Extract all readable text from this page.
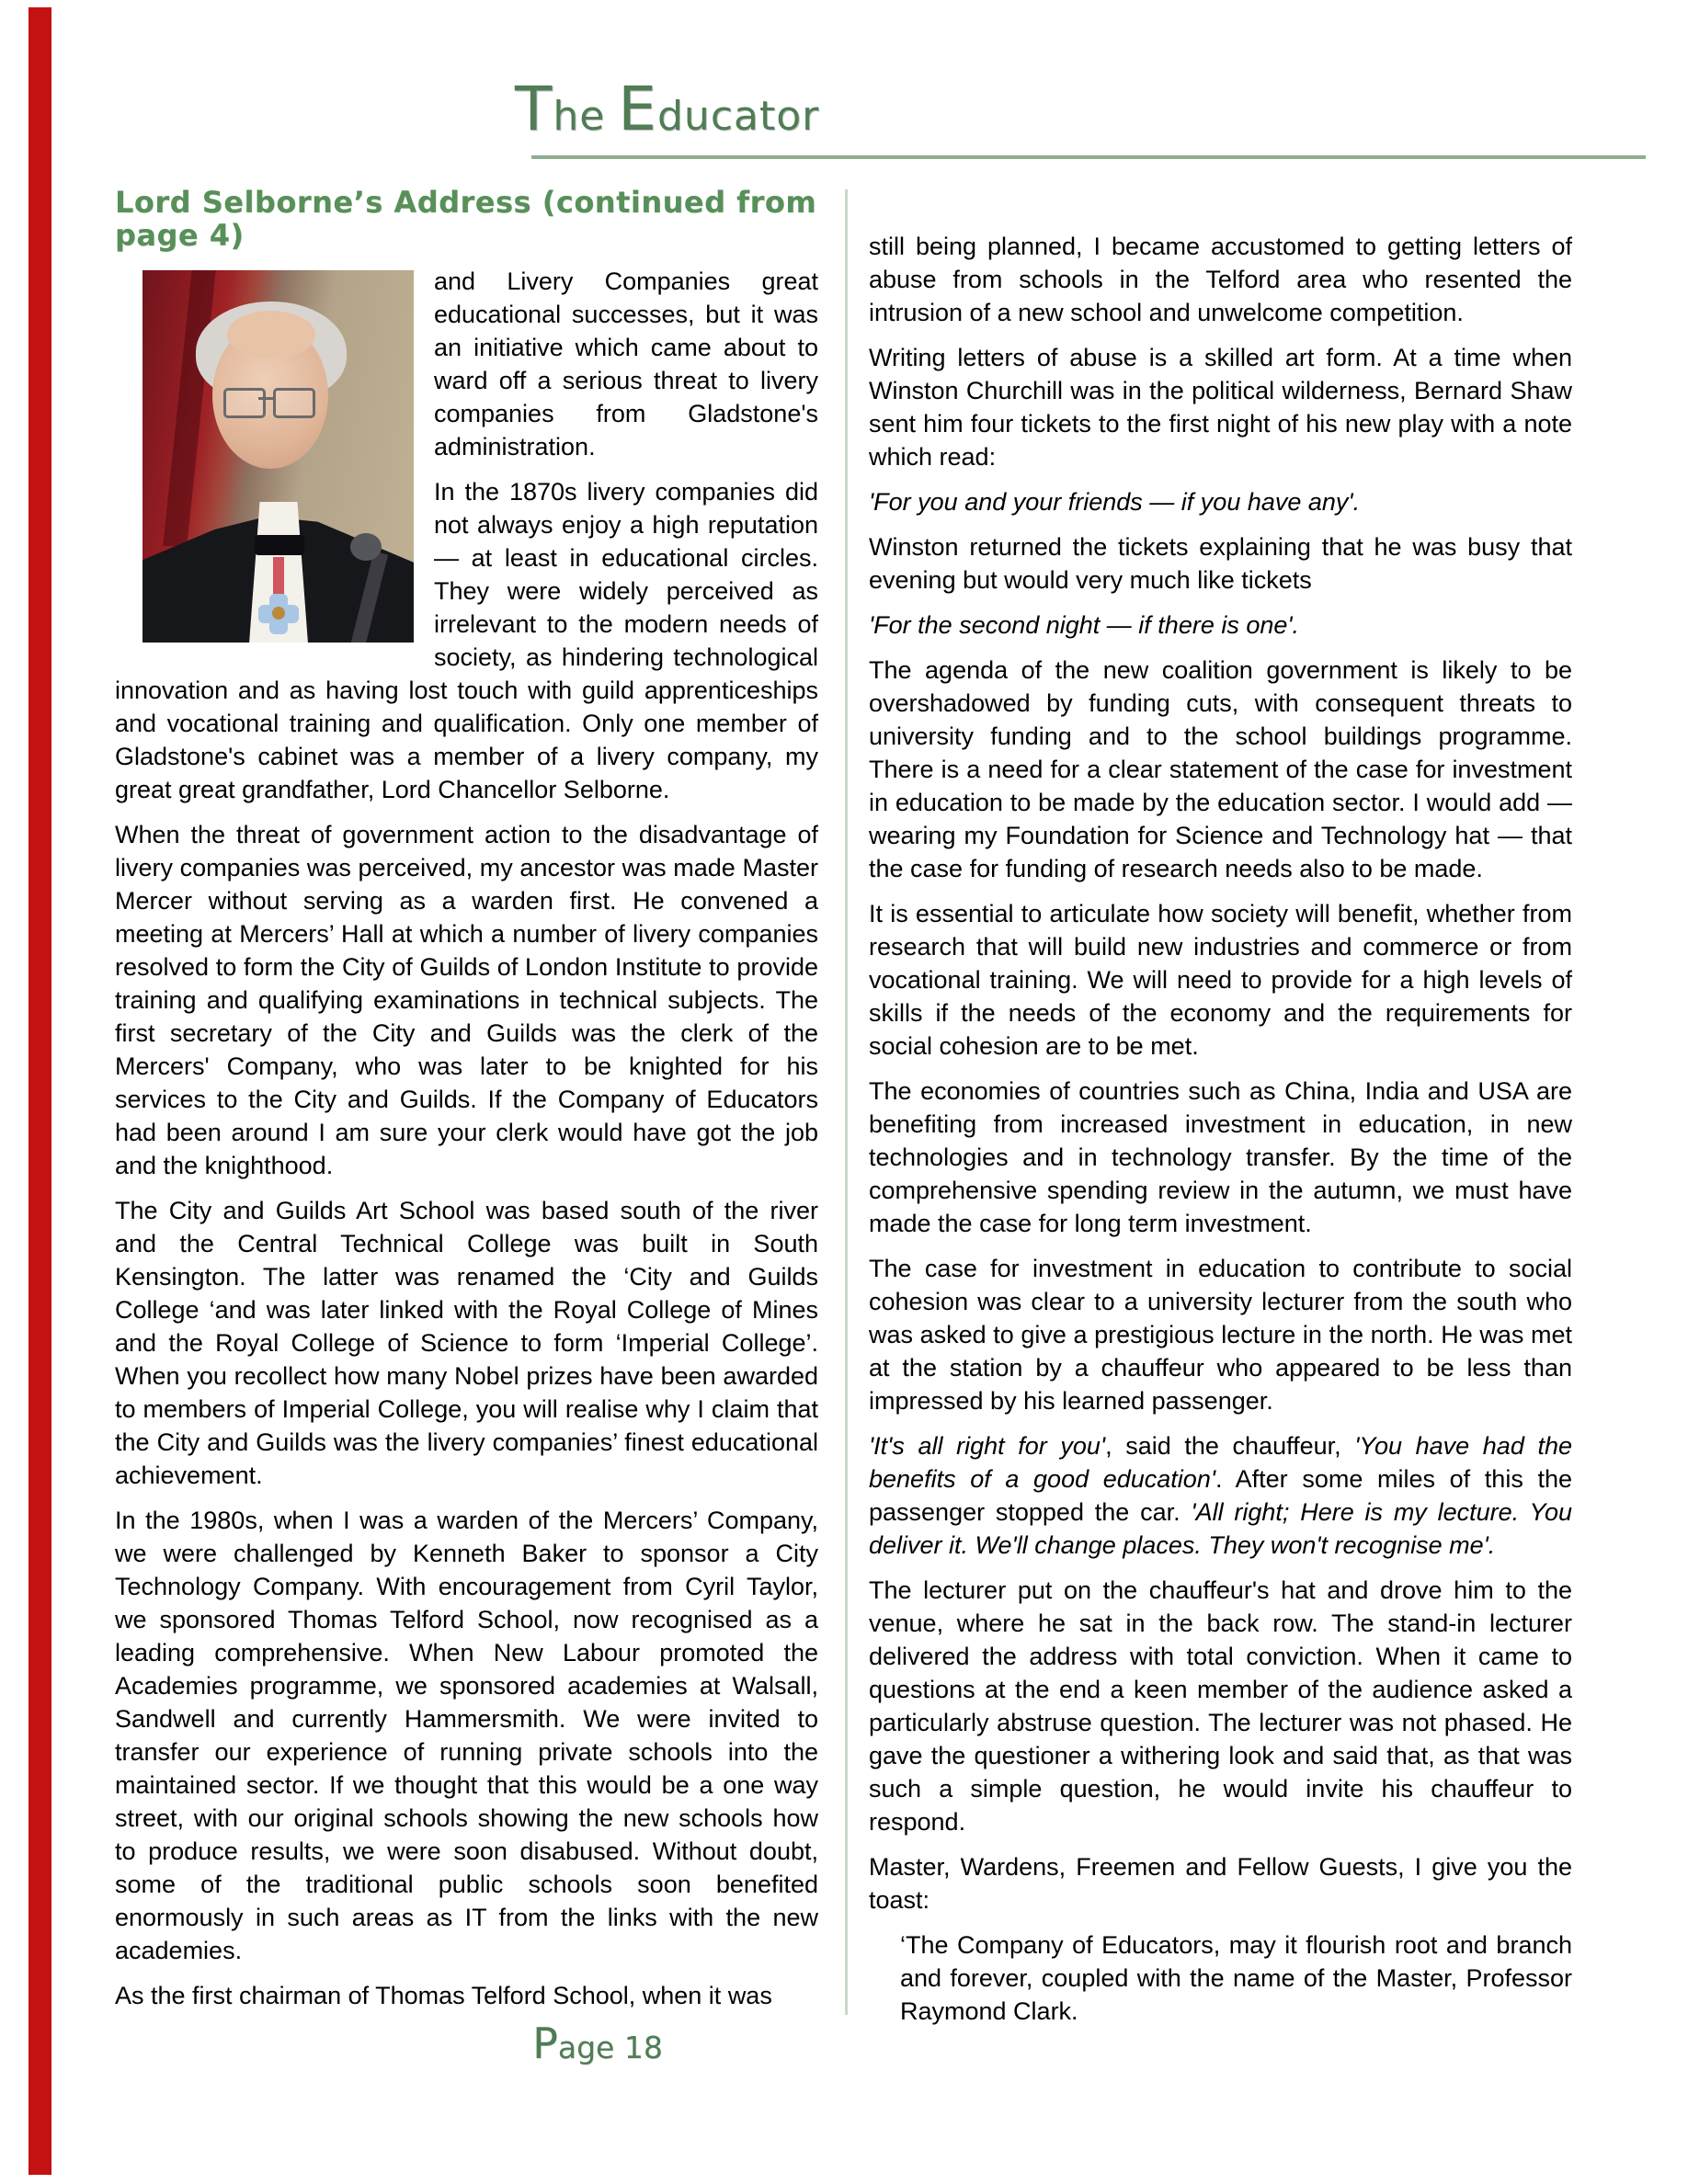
The Educator
Lord Selborne’s Address (continued from page 4)

and Livery Companies great educational successes, but it was an initiative which came about to ward off a serious threat to livery companies from Gladstone's administration.

In the 1870s livery companies did not always enjoy a high reputation — at least in educational circles. They were widely perceived as irrelevant to the modern needs of society, as hindering technological innovation and as having lost touch with guild apprenticeships and vocational training and qualification. Only one member of Gladstone's cabinet was a member of a livery company, my great great grandfather, Lord Chancellor Selborne.

When the threat of government action to the disadvantage of livery companies was perceived, my ancestor was made Master Mercer without serving as a warden first. He convened a meeting at Mercers’ Hall at which a number of livery companies resolved to form the City of Guilds of London Institute to provide training and qualifying examinations in technical subjects. The first secretary of the City and Guilds was the clerk of the Mercers' Company, who was later to be knighted for his services to the City and Guilds. If the Company of Educators had been around I am sure your clerk would have got the job and the knighthood.

The City and Guilds Art School was based south of the river and the Central Technical College was built in South Kensington. The latter was renamed the ‘City and Guilds College ‘and was later linked with the Royal College of Mines and the Royal College of Science to form ‘Imperial College’. When you recollect how many Nobel prizes have been awarded to members of Imperial College, you will realise why I claim that the City and Guilds was the livery companies’ finest educational achievement.

In the 1980s, when I was a warden of the Mercers’ Company, we were challenged by Kenneth Baker to sponsor a City Technology Company. With encouragement from Cyril Taylor, we sponsored Thomas Telford School, now recognised as a leading comprehensive. When New Labour promoted the Academies programme, we sponsored academies at Walsall, Sandwell and currently Hammersmith. We were invited to transfer our experience of running private schools into the maintained sector. If we thought that this would be a one way street, with our original schools showing the new schools how to produce results, we were soon disabused. Without doubt, some of the traditional public schools soon benefited enormously in such areas as IT from the links with the new academies.

As the first chairman of Thomas Telford School, when it was

still being planned, I became accustomed to getting letters of abuse from schools in the Telford area who resented the intrusion of a new school and unwelcome competition.

Writing letters of abuse is a skilled art form. At a time when Winston Churchill was in the political wilderness, Bernard Shaw sent him four tickets to the first night of his new play with a note which read:

'For you and your friends — if you have any'.

Winston returned the tickets explaining that he was busy that evening but would very much like tickets

'For the second night — if there is one'.

The agenda of the new coalition government is likely to be overshadowed by funding cuts, with consequent threats to university funding and to the school buildings programme. There is a need for a clear statement of the case for investment in education to be made by the education sector. I would add — wearing my Foundation for Science and Technology hat — that the case for funding of research needs also to be made.

It is essential to articulate how society will benefit, whether from research that will build new industries and commerce or from vocational training. We will need to provide for a high levels of skills if the needs of the economy and the requirements for social cohesion are to be met.

The economies of countries such as China, India and USA are benefiting from increased investment in education, in new technologies and in technology transfer. By the time of the comprehensive spending review in the autumn, we must have made the case for long term investment.

The case for investment in education to contribute to social cohesion was clear to a university lecturer from the south who was asked to give a prestigious lecture in the north. He was met at the station by a chauffeur who appeared to be less than impressed by his learned passenger.

'It's all right for you', said the chauffeur, 'You have had the benefits of a good education'. After some miles of this the passenger stopped the car. 'All right; Here is my lecture. You deliver it. We'll change places. They won't recognise me'.

The lecturer put on the chauffeur's hat and drove him to the venue, where he sat in the back row. The stand-in lecturer delivered the address with total conviction. When it came to questions at the end a keen member of the audience asked a particularly abstruse question. The lecturer was not phased. He gave the questioner a withering look and said that, as that was such a simple question, he would invite his chauffeur to respond.

Master, Wardens, Freemen and Fellow Guests, I give you the toast:

‘The Company of Educators, may it flourish root and branch and forever, coupled with the name of the Master, Professor Raymond Clark.

Page 18
